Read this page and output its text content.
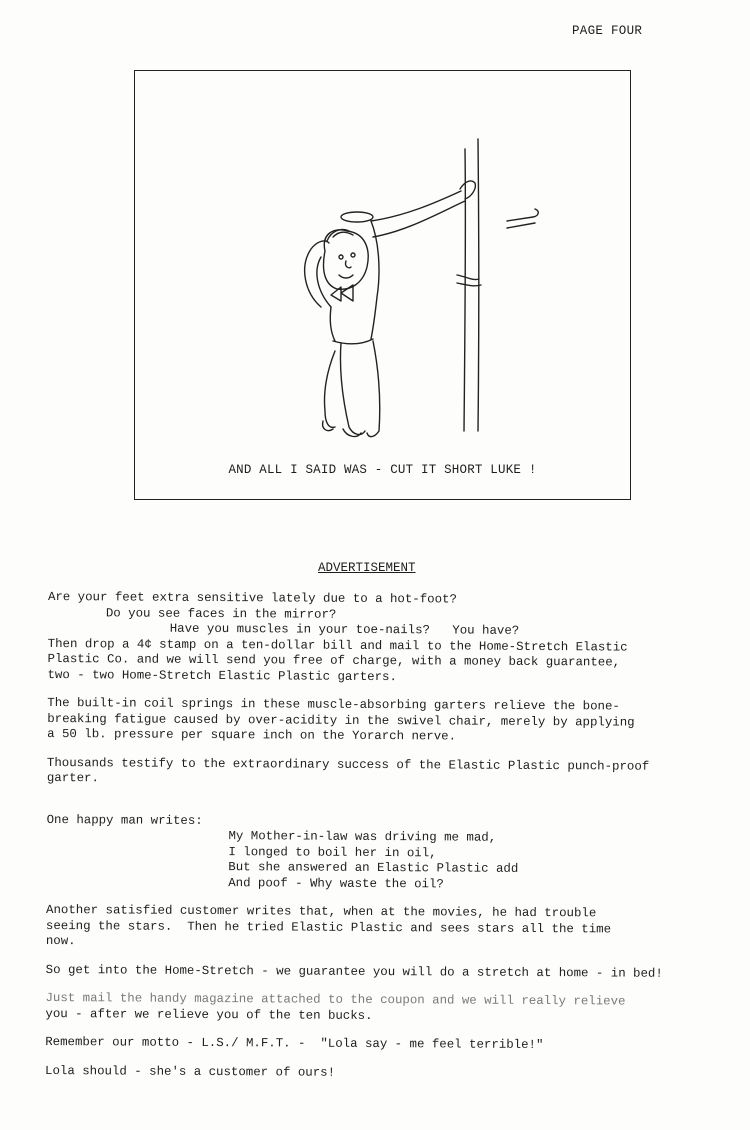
PAGE FOUR
AND ALL I SAID WAS - CUT IT SHORT LUKE !
ADVERTISEMENT
Are your feet extra sensitive lately due to a hot-foot?
Do you see faces in the mirror?
Have you muscles in your toe-nails?   You have?
Then drop a 4¢ stamp on a ten-dollar bill and mail to the Home-Stretch Elastic
Plastic Co. and we will send you free of charge, with a money back guarantee,
two - two Home-Stretch Elastic Plastic garters.
The built-in coil springs in these muscle-absorbing garters relieve the bone-
breaking fatigue caused by over-acidity in the swivel chair, merely by applying
a 50 lb. pressure per square inch on the Yorarch nerve.
Thousands testify to the extraordinary success of the Elastic Plastic punch-proof
garter.
One happy man writes:
My Mother-in-law was driving me mad,
I longed to boil her in oil,
But she answered an Elastic Plastic add
And poof - Why waste the oil?
Another satisfied customer writes that, when at the movies, he had trouble
seeing the stars.  Then he tried Elastic Plastic and sees stars all the time
now.
So get into the Home-Stretch - we guarantee you will do a stretch at home - in bed!
Just mail the handy magazine attached to the coupon and we will really relieve
you - after we relieve you of the ten bucks.
Remember our motto - L.S./ M.F.T. -  "Lola say - me feel terrible!"
Lola should - she's a customer of ours!
